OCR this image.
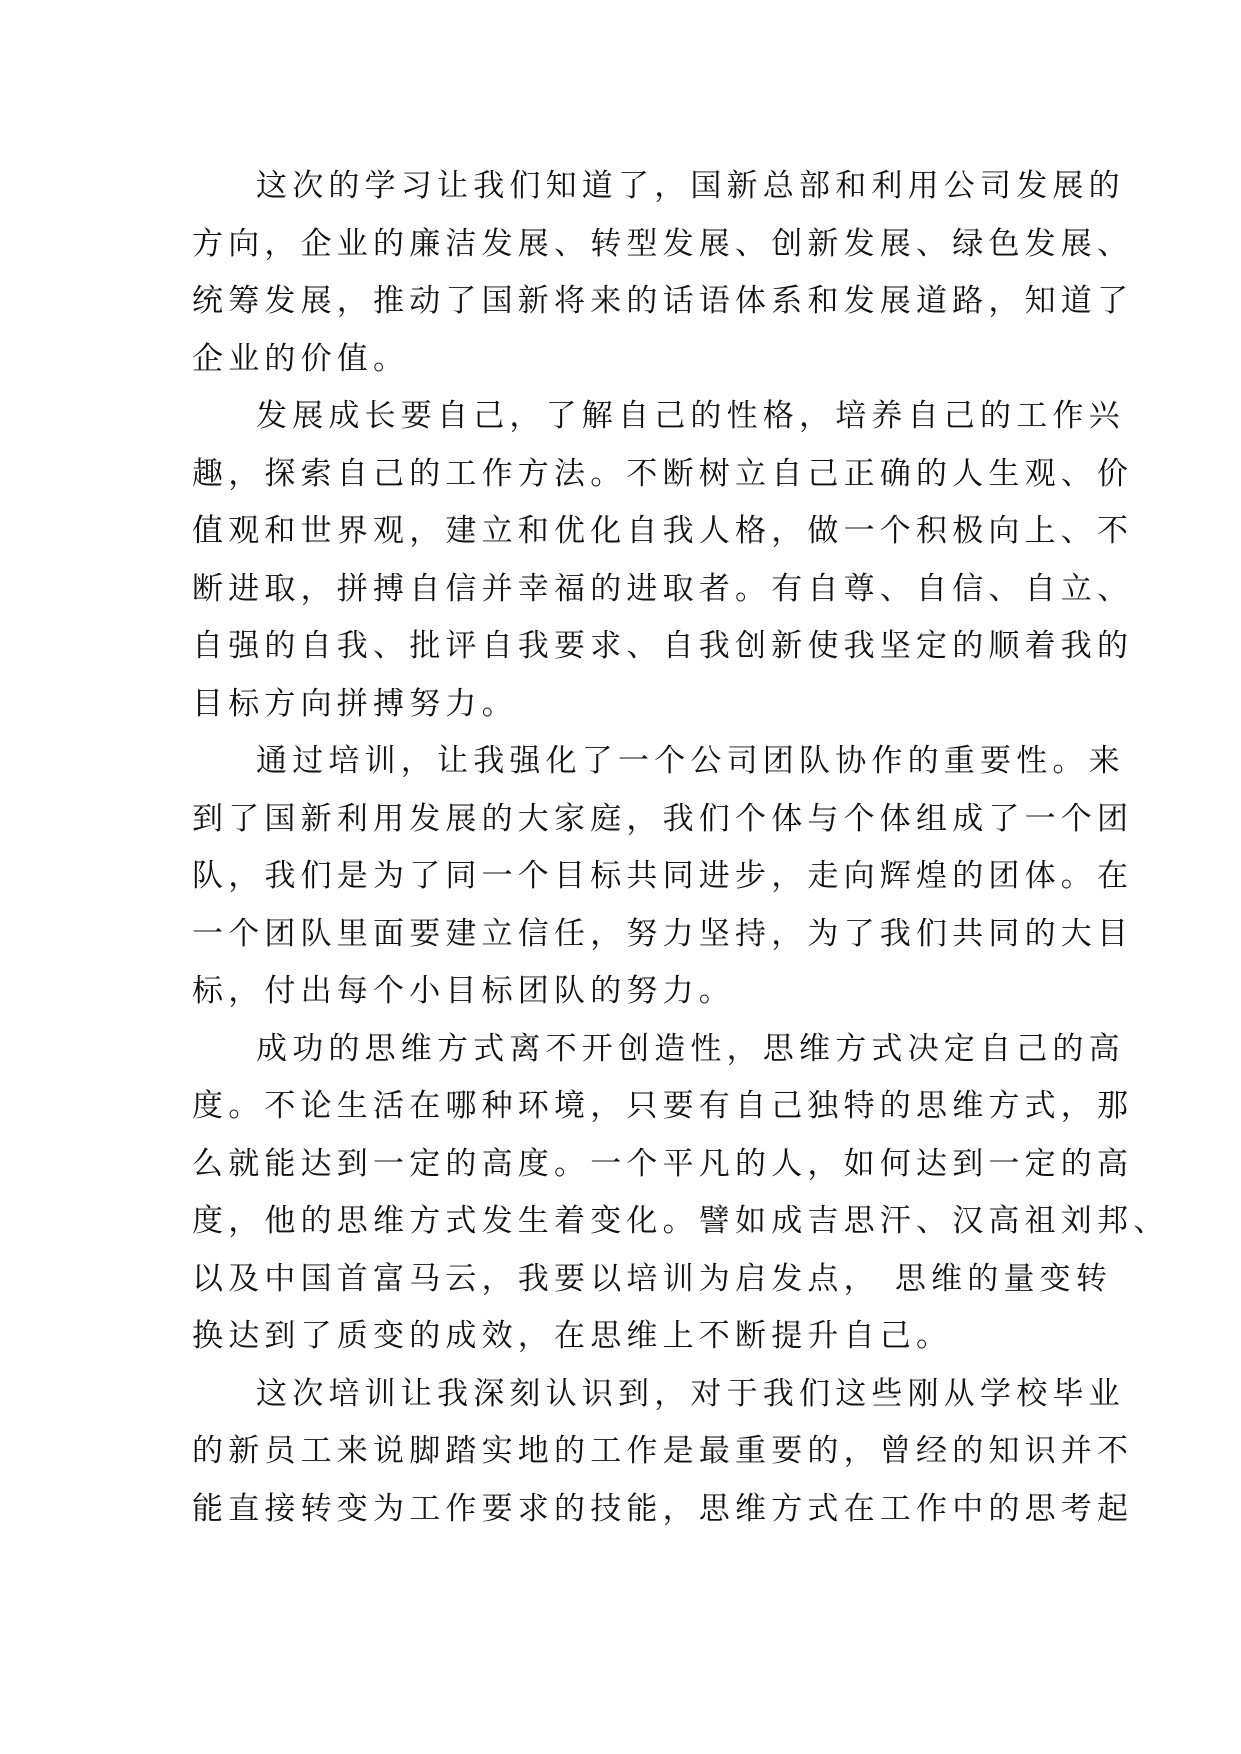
这次的学习让我们知道了，国新总部和利用公司发展的
方向，企业的廉洁发展、转型发展、创新发展、绿色发展、
统筹发展，推动了国新将来的话语体系和发展道路，知道了
企业的价值。
发展成长要自己，了解自己的性格，培养自己的工作兴
趣，探索自己的工作方法。不断树立自己正确的人生观、价
值观和世界观，建立和优化自我人格，做一个积极向上、不
断进取，拼搏自信并幸福的进取者。有自尊、自信、自立、
自强的自我、批评自我要求、自我创新使我坚定的顺着我的
目标方向拼搏努力。
通过培训，让我强化了一个公司团队协作的重要性。来
到了国新利用发展的大家庭，我们个体与个体组成了一个团
队，我们是为了同一个目标共同进步，走向辉煌的团体。在
一个团队里面要建立信任，努力坚持，为了我们共同的大目
标，付出每个小目标团队的努力。
成功的思维方式离不开创造性，思维方式决定自己的高
度。不论生活在哪种环境，只要有自己独特的思维方式，那
么就能达到一定的高度。一个平凡的人，如何达到一定的高
度，他的思维方式发生着变化。譬如成吉思汗、汉高祖刘邦、
以及中国首富马云，我要以培训为启发点， 思维的量变转
换达到了质变的成效，在思维上不断提升自己。
这次培训让我深刻认识到，对于我们这些刚从学校毕业
的新员工来说脚踏实地的工作是最重要的，曾经的知识并不
能直接转变为工作要求的技能，思维方式在工作中的思考起
